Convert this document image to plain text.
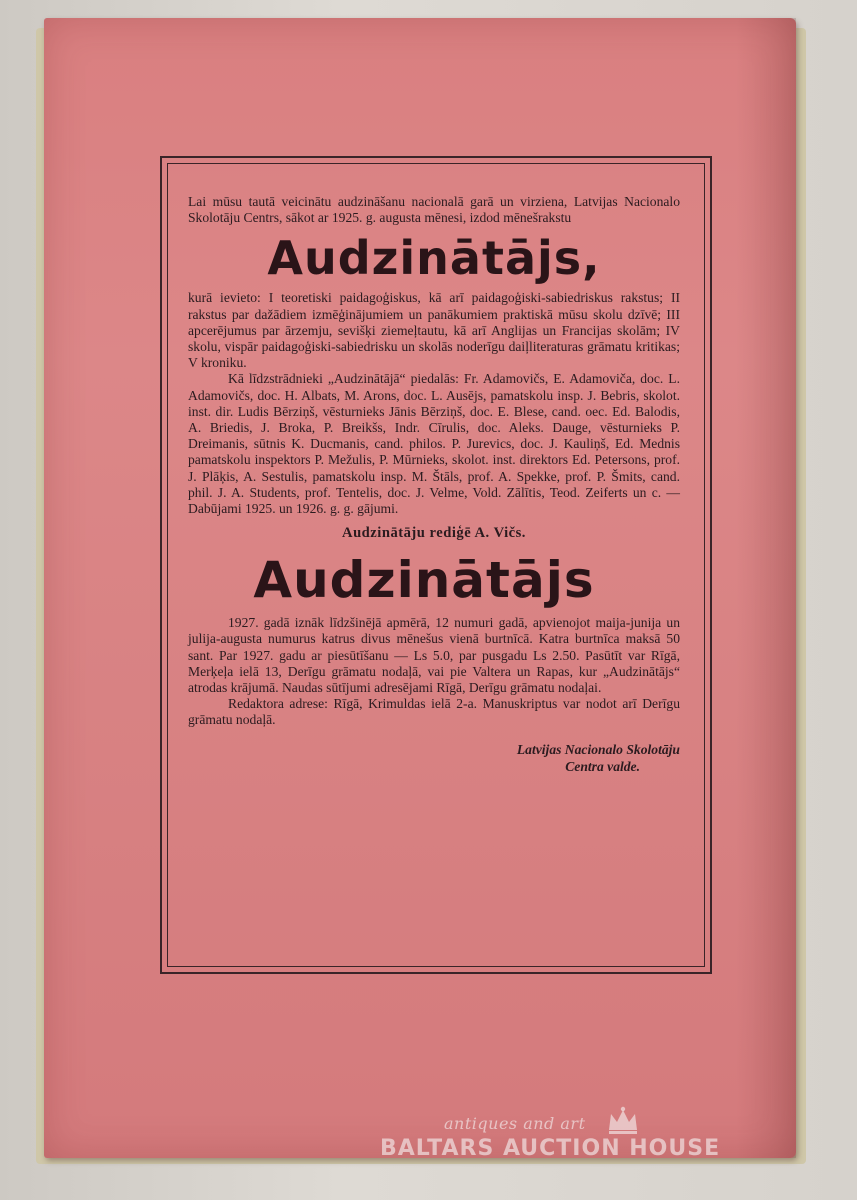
Lai mūsu tautā veicinātu audzināšanu nacionalā garā un virziena, Latvijas Nacionalo Skolotāju Centrs, sākot ar 1925. g. augusta mēnesi, izdod mēnešrakstu

Audzinātājs,

kurā ievieto: I teoretiski paidagoģiskus, kā arī paidagoģiski-sabiedriskus rakstus; II rakstus par dažādiem izmēģinājumiem un panākumiem praktiskā mūsu skolu dzīvē; III apcerējumus par ārzemju, sevišķi ziemeļtautu, kā arī Anglijas un Francijas skolām; IV skolu, vispār paidagoģiski-sabiedrisku un skolās noderīgu daiļliteraturas grāmatu kritikas; V kroniku.

Kā līdzstrādnieki „Audzinātājā“ piedalās: Fr. Adamovičs, E. Adamoviča, doc. L. Adamovičs, doc. H. Albats, M. Arons, doc. L. Ausējs, pamatskolu insp. J. Bebris, skolot. inst. dir. Ludis Bērziņš, vēsturnieks Jānis Bērziņš, doc. E. Blese, cand. oec. Ed. Balodis, A. Briedis, J. Broka, P. Breikšs, Indr. Cīrulis, doc. Aleks. Dauge, vēsturnieks P. Dreimanis, sūtnis K. Ducmanis, cand. philos. P. Jurevics, doc. J. Kauliņš, Ed. Mednis pamatskolu inspektors P. Mežulis, P. Mūrnieks, skolot. inst. direktors Ed. Petersons, prof. J. Plāķis, A. Sestulis, pamatskolu insp. M. Štāls, prof. A. Spekke, prof. P. Šmits, cand. phil. J. A. Students, prof. Tentelis, doc. J. Velme, Vold. Zālītis, Teod. Zeiferts un c. — Dabūjami 1925. un 1926. g. g. gājumi.

Audzinātāju rediģē A. Vičs.

Audzinātājs

1927. gadā iznāk līdzšinējā apmērā, 12 numuri gadā, apvienojot maija-junija un julija-augusta numurus katrus divus mēnešus vienā burtnīcā. Katra burtnīca maksā 50 sant. Par 1927. gadu ar piesūtīšanu — Ls 5.0, par pusgadu Ls 2.50. Pasūtīt var Rīgā, Merķeļa ielā 13, Derīgu grāmatu nodaļā, vai pie Valtera un Rapas, kur „Audzinātājs“ atrodas krājumā. Naudas sūtījumi adresējami Rīgā, Derīgu grāmatu nodaļai.

Redaktora adrese: Rīgā, Krimuldas ielā 2-a. Manuskriptus var nodot arī Derīgu grāmatu nodaļā.

Latvijas Nacionalo Skolotāju
Centra valde.

antiques and art
BALTARS AUCTION HOUSE
